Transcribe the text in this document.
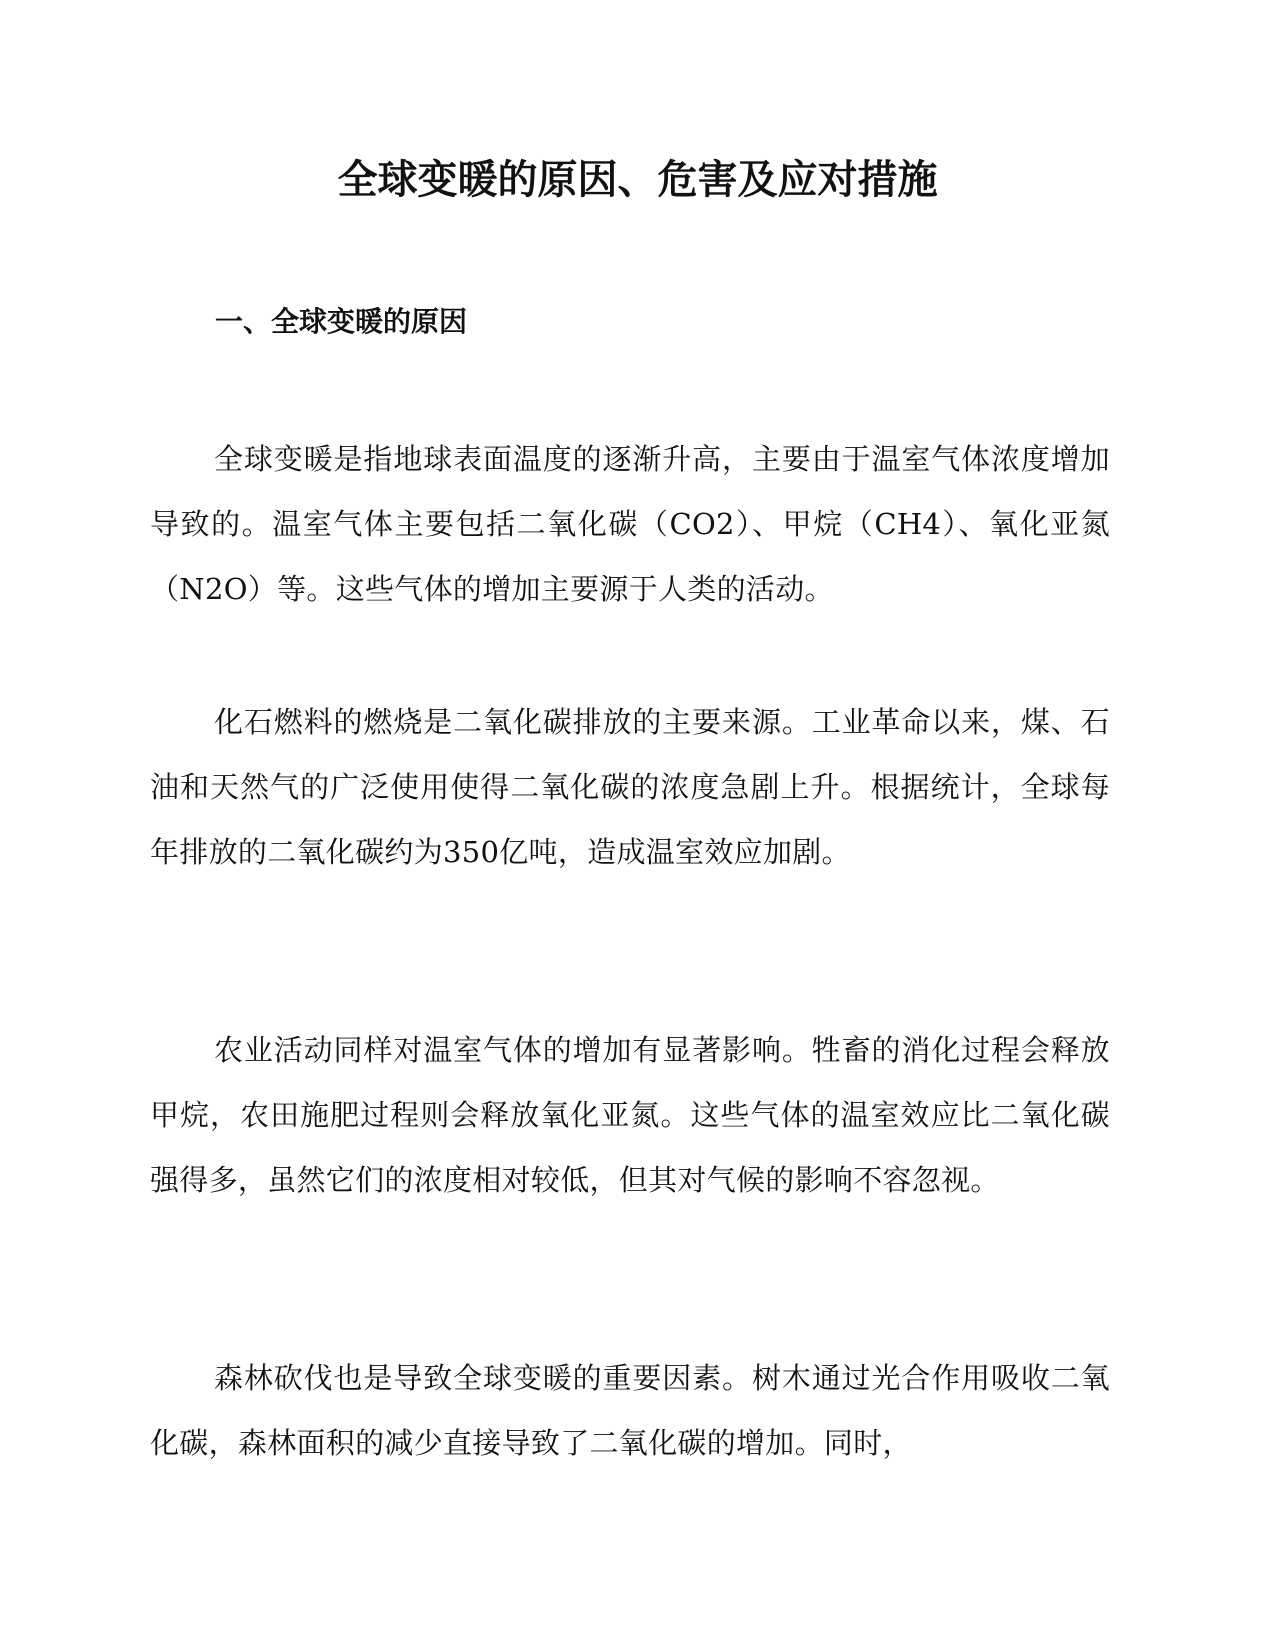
全球变暖的原因、危害及应对措施
一、全球变暖的原因

全球变暖是指地球表面温度的逐渐升高，主要由于温室气体浓度增加导致的。温室气体主要包括二氧化碳（CO2）、甲烷（CH4）、氧化亚氮（N2O）等。这些气体的增加主要源于人类的活动。

化石燃料的燃烧是二氧化碳排放的主要来源。工业革命以来，煤、石油和天然气的广泛使用使得二氧化碳的浓度急剧上升。根据统计，全球每年排放的二氧化碳约为350亿吨，造成温室效应加剧。

农业活动同样对温室气体的增加有显著影响。牲畜的消化过程会释放甲烷，农田施肥过程则会释放氧化亚氮。这些气体的温室效应比二氧化碳强得多，虽然它们的浓度相对较低，但其对气候的影响不容忽视。

森林砍伐也是导致全球变暖的重要因素。树木通过光合作用吸收二氧化碳，森林面积的减少直接导致了二氧化碳的增加。同时，
